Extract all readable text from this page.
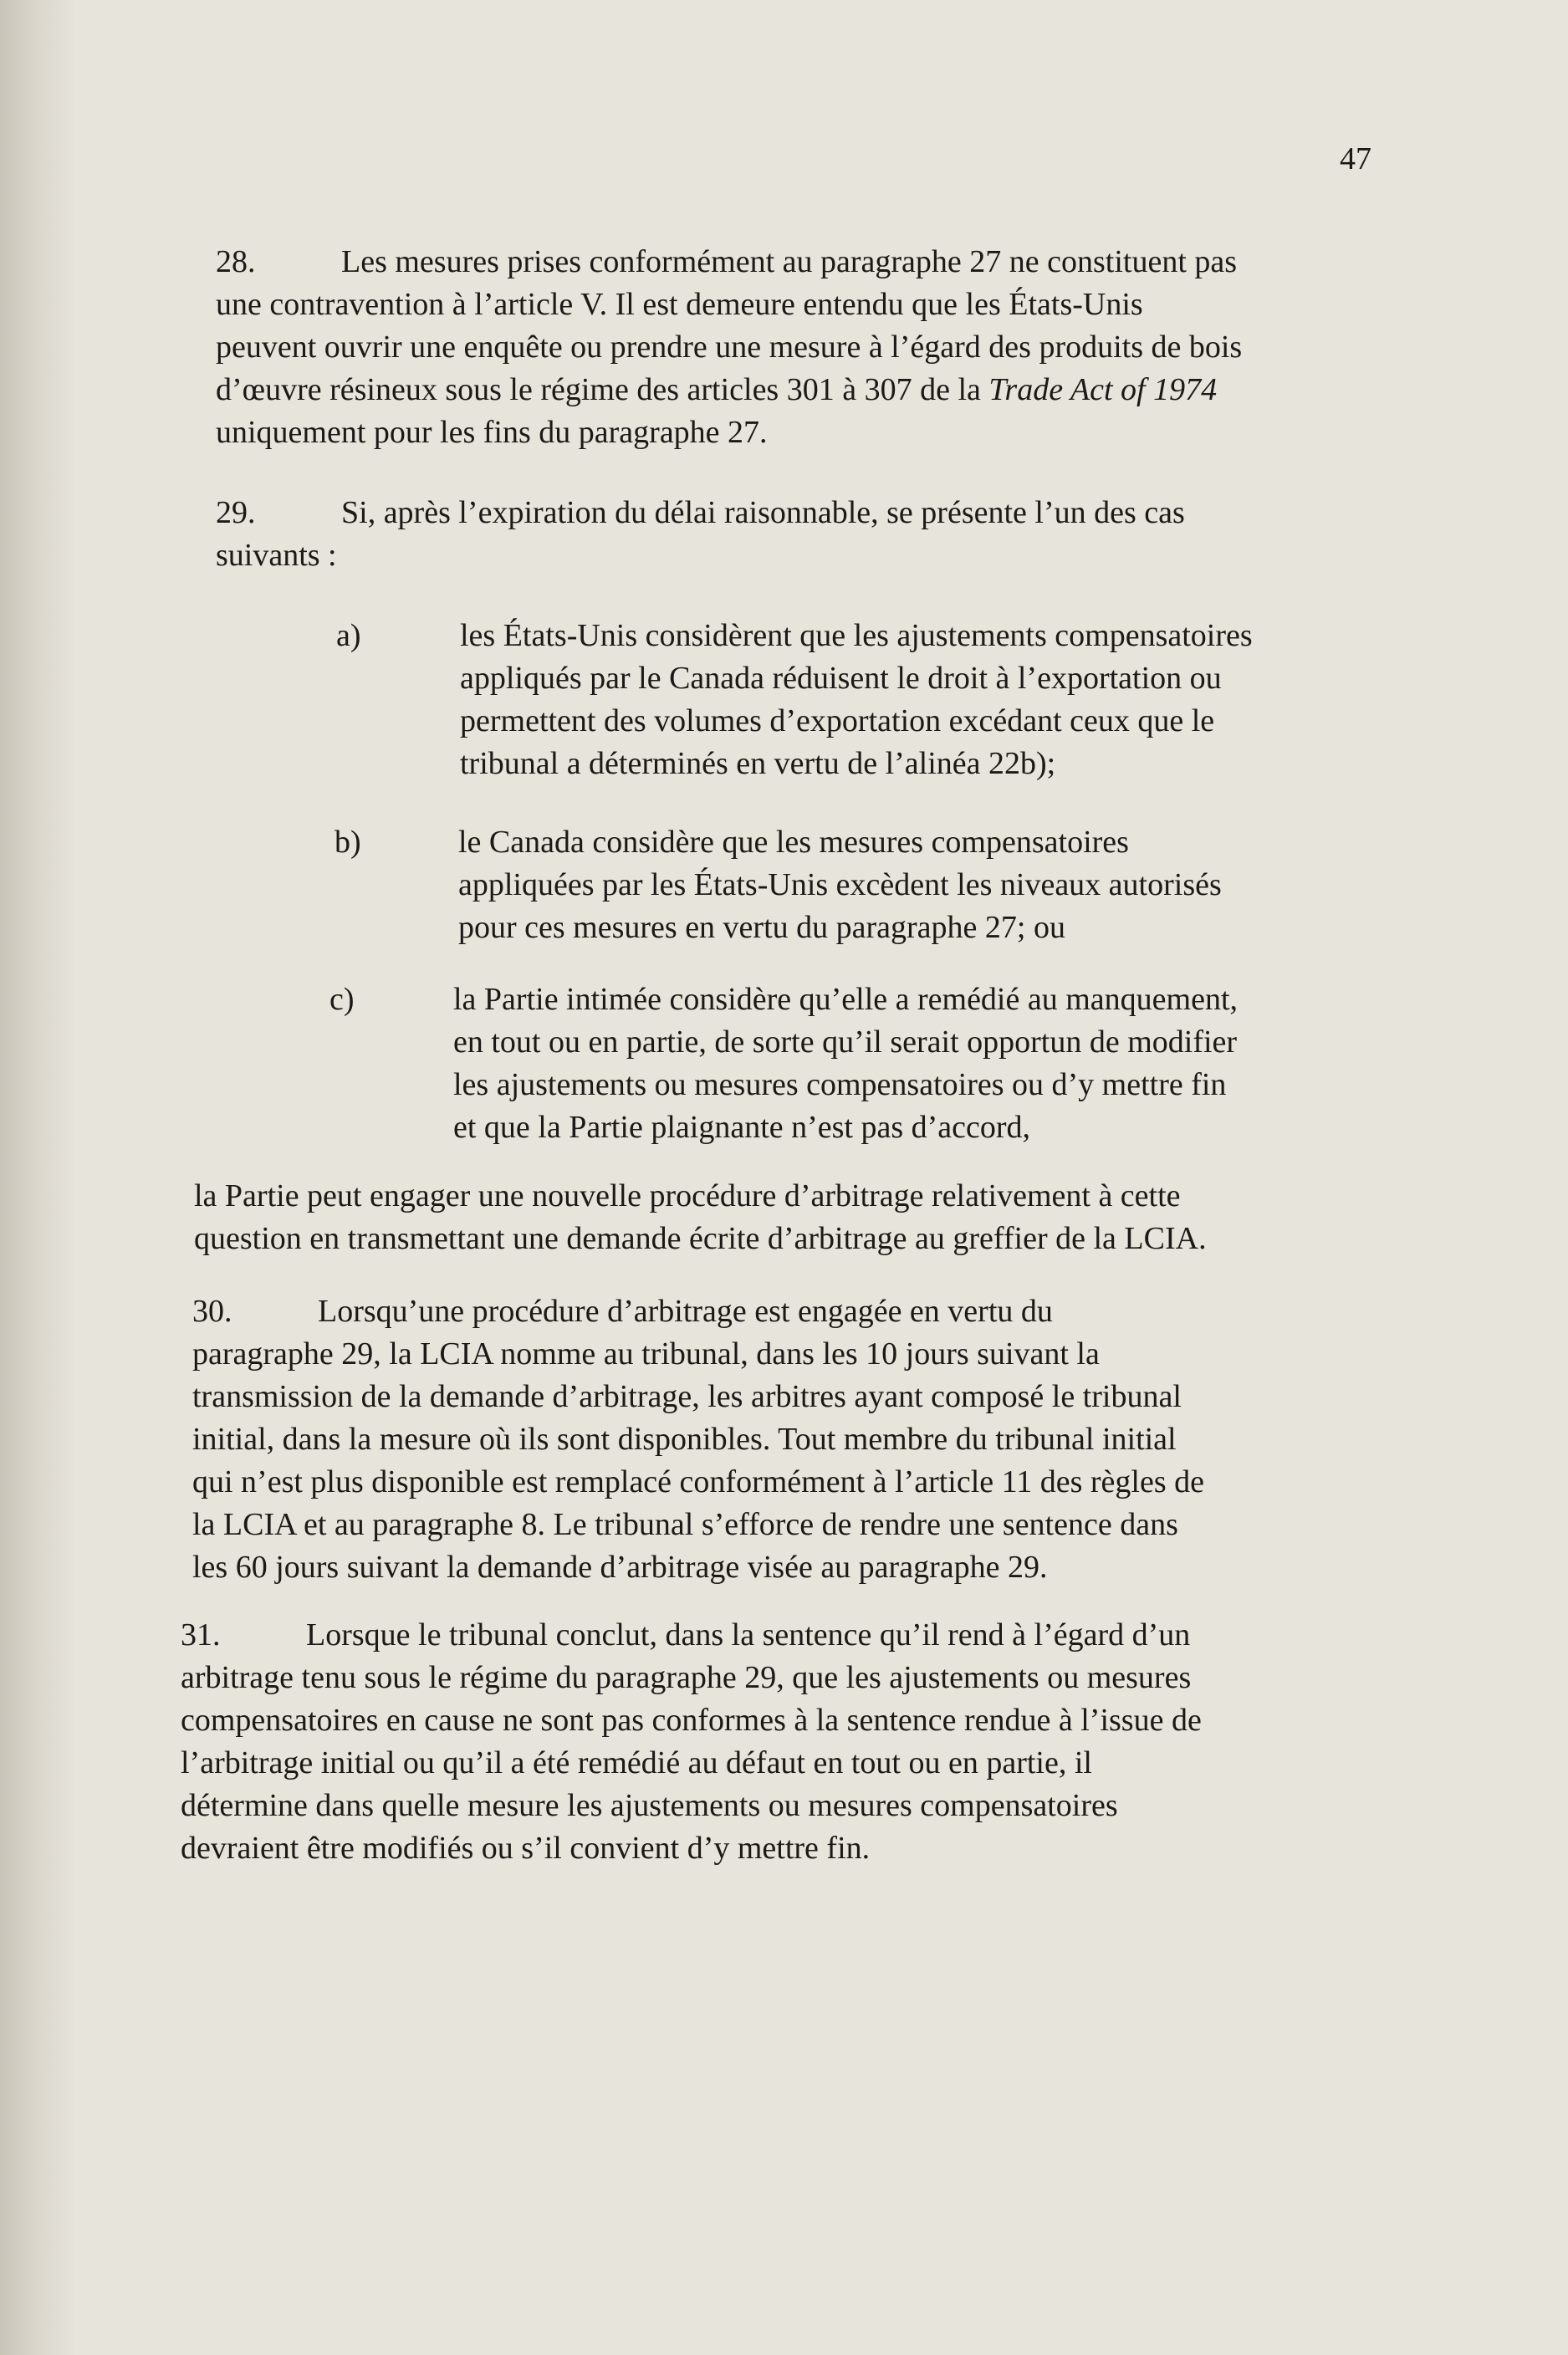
47
28.	Les mesures prises conformément au paragraphe 27 ne constituent pas
une contravention à l’article V. Il est demeure entendu que les États-Unis
peuvent ouvrir une enquête ou prendre une mesure à l’égard des produits de bois
d’œuvre résineux sous le régime des articles 301 à 307 de la Trade Act of 1974
uniquement pour les fins du paragraphe 27.
29.	Si, après l’expiration du délai raisonnable, se présente l’un des cas
suivants :
a)	les États-Unis considèrent que les ajustements compensatoires
appliqués par le Canada réduisent le droit à l’exportation ou
permettent des volumes d’exportation excédant ceux que le
tribunal a déterminés en vertu de l’alinéa 22b);
b)	le Canada considère que les mesures compensatoires
appliquées par les États-Unis excèdent les niveaux autorisés
pour ces mesures en vertu du paragraphe 27; ou
c)	la Partie intimée considère qu’elle a remédié au manquement,
en tout ou en partie, de sorte qu’il serait opportun de modifier
les ajustements ou mesures compensatoires ou d’y mettre fin
et que la Partie plaignante n’est pas d’accord,
la Partie peut engager une nouvelle procédure d’arbitrage relativement à cette
question en transmettant une demande écrite d’arbitrage au greffier de la LCIA.
30.	Lorsqu’une procédure d’arbitrage est engagée en vertu du
paragraphe 29, la LCIA nomme au tribunal, dans les 10 jours suivant la
transmission de la demande d’arbitrage, les arbitres ayant composé le tribunal
initial, dans la mesure où ils sont disponibles. Tout membre du tribunal initial
qui n’est plus disponible est remplacé conformément à l’article 11 des règles de
la LCIA et au paragraphe 8. Le tribunal s’efforce de rendre une sentence dans
les 60 jours suivant la demande d’arbitrage visée au paragraphe 29.
31.	Lorsque le tribunal conclut, dans la sentence qu’il rend à l’égard d’un
arbitrage tenu sous le régime du paragraphe 29, que les ajustements ou mesures
compensatoires en cause ne sont pas conformes à la sentence rendue à l’issue de
l’arbitrage initial ou qu’il a été remédié au défaut en tout ou en partie, il
détermine dans quelle mesure les ajustements ou mesures compensatoires
devraient être modifiés ou s’il convient d’y mettre fin.
